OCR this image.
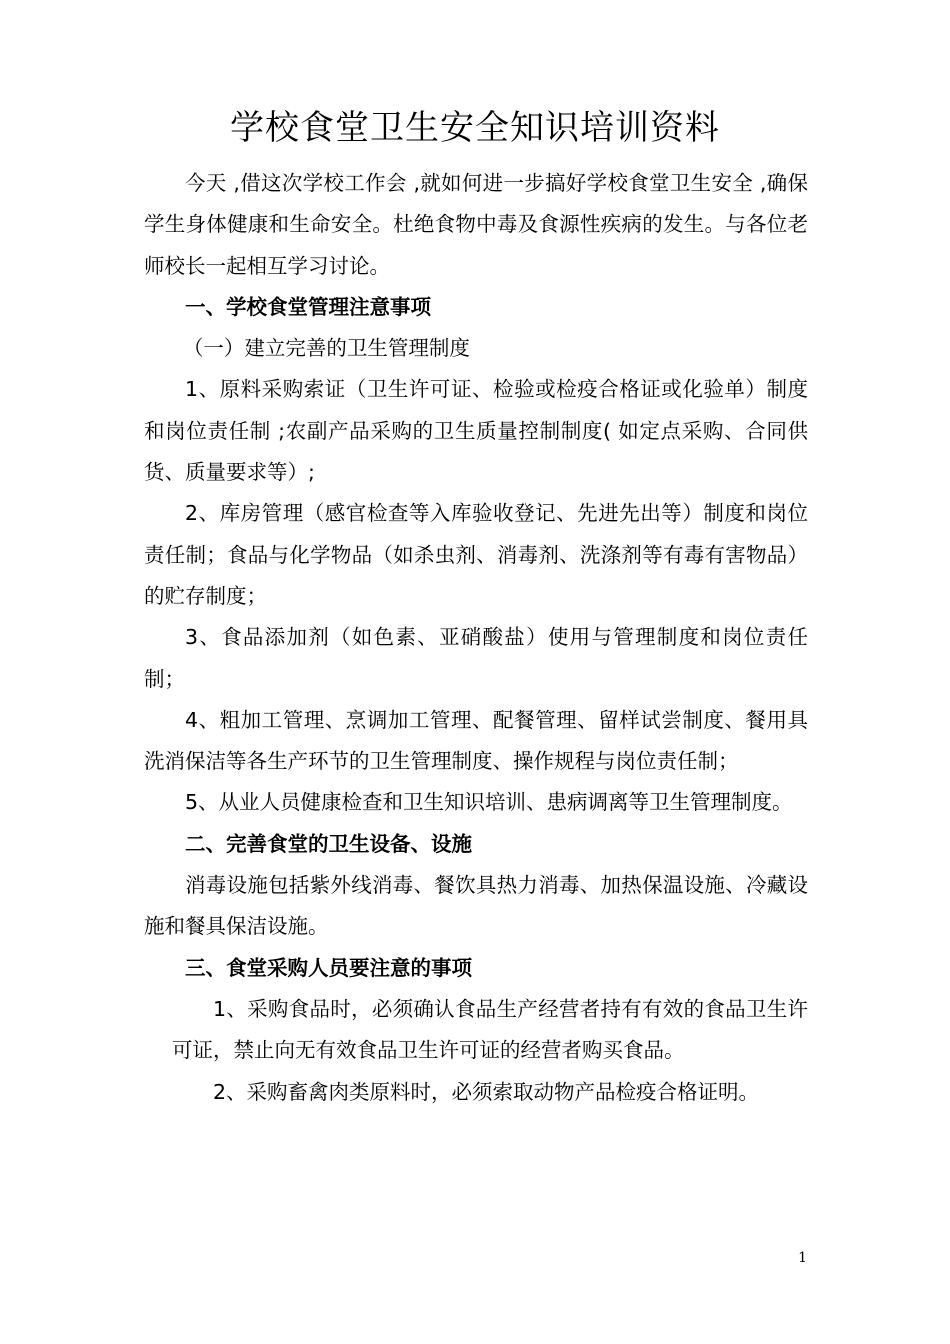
学校食堂卫生安全知识培训资料

今天 ,借这次学校工作会 ,就如何进一步搞好学校食堂卫生安全 ,确保学生身体健康和生命安全。杜绝食物中毒及食源性疾病的发生。与各位老师校长一起相互学习讨论。

一、学校食堂管理注意事项

（一）建立完善的卫生管理制度

1、原料采购索证（卫生许可证、检验或检疫合格证或化验单）制度和岗位责任制 ;农副产品采购的卫生质量控制制度( 如定点采购、合同供货、质量要求等）;

2、库房管理（感官检查等入库验收登记、先进先出等）制度和岗位责任制；食品与化学物品（如杀虫剂、消毒剂、洗涤剂等有毒有害物品）的贮存制度；

3、食品添加剂（如色素、亚硝酸盐）使用与管理制度和岗位责任制；

4、粗加工管理、烹调加工管理、配餐管理、留样试尝制度、餐用具洗消保洁等各生产环节的卫生管理制度、操作规程与岗位责任制；

5、从业人员健康检查和卫生知识培训、患病调离等卫生管理制度。

二、完善食堂的卫生设备、设施

消毒设施包括紫外线消毒、餐饮具热力消毒、加热保温设施、冷藏设施和餐具保洁设施。

三、食堂采购人员要注意的事项

1、采购食品时，必须确认食品生产经营者持有有效的食品卫生许可证，禁止向无有效食品卫生许可证的经营者购买食品。

2、采购畜禽肉类原料时，必须索取动物产品检疫合格证明。

1
